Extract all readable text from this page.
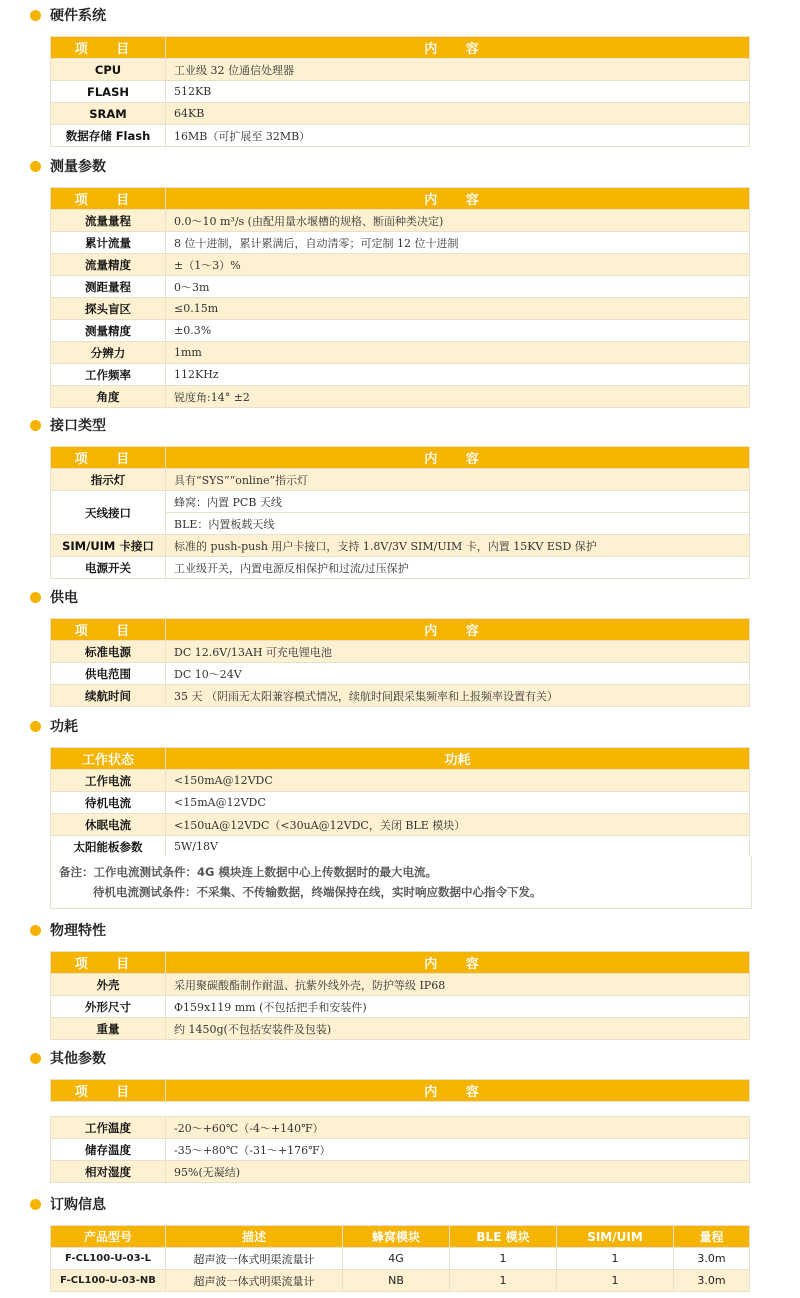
硬件系统
项 目	内 容
CPU	工业级 32 位通信处理器
FLASH	512KB
SRAM	64KB
数据存储 Flash	16MB（可扩展至 32MB）
测量参数
项 目	内 容
流量量程	0.0～10 m³/s (由配用量水堰槽的规格、断面种类决定)
累计流量	8 位十进制，累计累满后，自动清零；可定制 12 位十进制
流量精度	±（1～3）%
测距量程	0～3m
探头盲区	≤0.15m
测量精度	±0.3%
分辨力	1mm
工作频率	112KHz
角度	锐度角:14° ±2
接口类型
项 目	内 容
指示灯	具有“SYS”“online”指示灯
天线接口	蜂窝：内置 PCB 天线
	BLE：内置板载天线
SIM/UIM 卡接口	标准的 push-push 用户卡接口，支持 1.8V/3V SIM/UIM 卡，内置 15KV ESD 保护
电源开关	工业级开关，内置电源反相保护和过流/过压保护
供电
项 目	内 容
标准电源	DC 12.6V/13AH 可充电锂电池
供电范围	DC 10～24V
续航时间	35 天 （阴雨无太阳兼容模式情况，续航时间跟采集频率和上报频率设置有关）
功耗
工作状态	功耗
工作电流	<150mA@12VDC
待机电流	<15mA@12VDC
休眠电流	<150uA@12VDC（<30uA@12VDC，关闭 BLE 模块）
太阳能板参数	5W/18V
备注：工作电流测试条件：4G 模块连上数据中心上传数据时的最大电流。
待机电流测试条件：不采集、不传输数据，终端保持在线，实时响应数据中心指令下发。
物理特性
项 目	内 容
外壳	采用聚碳酸酯制作耐温、抗紫外线外壳，防护等级 IP68
外形尺寸	Φ159x119 mm (不包括把手和安装件)
重量	约 1450g(不包括安装件及包装)
其他参数
项 目	内 容

工作温度	-20～+60℃（-4～+140℉）
储存温度	-35～+80℃（-31～+176℉）
相对湿度	95%(无凝结)
订购信息
产品型号	描述	蜂窝模块	BLE 模块	SIM/UIM	量程
F-CL100-U-03-L	超声波一体式明渠流量计	4G	1	1	3.0m
F-CL100-U-03-NB	超声波一体式明渠流量计	NB	1	1	3.0m
